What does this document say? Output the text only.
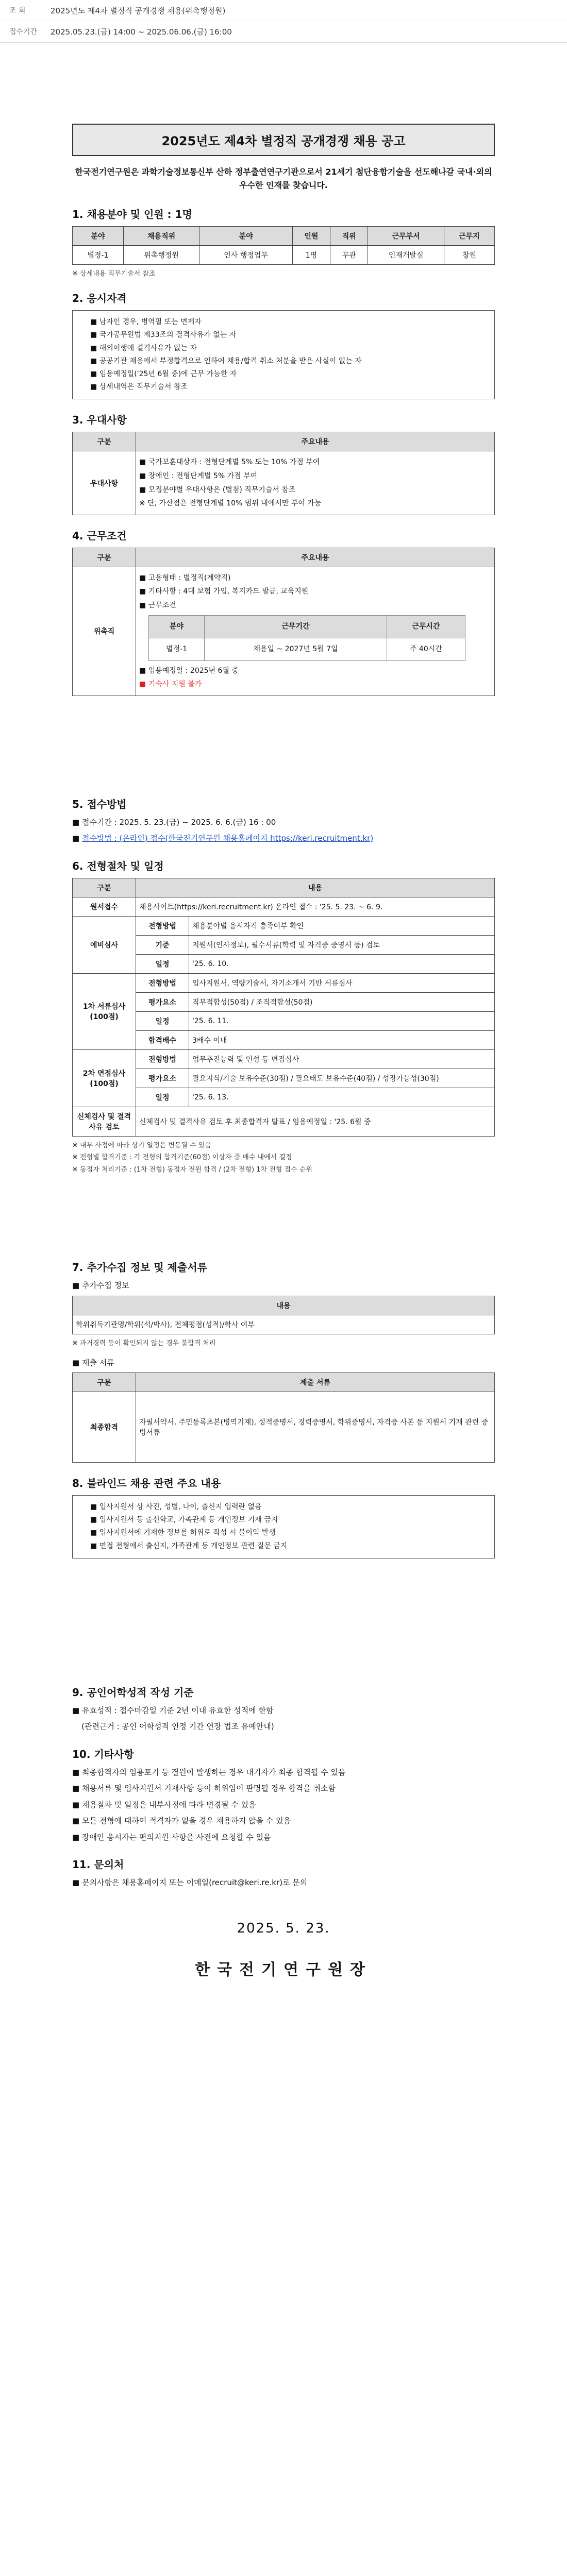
조 회	2025년도 제4차 별정직 공개경쟁 채용(위촉행정원)
접수기간	2025.05.23.(금) 14:00 ~ 2025.06.06.(금) 16:00
2025년도 제4차 별정직 공개경쟁 채용 공고
한국전기연구원은 과학기술정보통신부 산하 정부출연연구기관으로서 21세기 첨단융합기술을 선도해나갈 국내·외의 우수한 인재를 찾습니다.
1. 채용분야 및 인원 : 1명
분야	채용직위	분야	인원	직위	근무부서	근무지
별정-1	위촉행정원	인사 행정업무	1명	무관	인재개발실	창원
※ 상세내용 직무기술서 참조
2. 응시자격
■ 남자인 경우, 병역필 또는 면제자
■ 국가공무원법 제33조의 결격사유가 없는 자
■ 해외여행에 결격사유가 없는 자
■ 공공기관 채용에서 부정합격으로 인하여 채용/합격 취소 처분을 받은 사실이 없는 자
■ 임용예정일('25년 6월 중)에 근무 가능한 자
■ 상세내역은 직무기술서 참조
3. 우대사항
구분	주요내용
우대사항	■ 국가보훈대상자 : 전형단계별 5% 또는 10% 가점 부여
■ 장애인 : 전형단계별 5% 가점 부여
■ 모집분야별 우대사항은 (별첨) 직무기술서 참조
※ 단, 가산점은 전형단계별 10% 범위 내에서만 부여 가능
4. 근무조건
구분	주요내용
위촉직	
■ 고용형태 : 별정직(계약직)
■ 기타사항 : 4대 보험 가입, 복지카드 발급, 교육지원
■ 근무조건
분야	근무기간	근무시간
별정-1	채용일 ~ 2027년 5월 7일	주 40시간
■ 임용예정일 : 2025년 6월 중
■ 기숙사 지원 불가
5. 접수방법

■ 접수기간 : 2025. 5. 23.(금) ~ 2025. 6. 6.(금) 16 : 00

■ 접수방법 : (온라인) 접수(한국전기연구원 채용홈페이지 https://keri.recruitment.kr)

6. 전형절차 및 일정
구분	내용	
원서접수	채용사이트(https://keri.recruitment.kr) 온라인 접수 : '25. 5. 23. ~ 6. 9.	
예비심사	전형방법	채용분야별 응시자격 충족여부 확인
	기준	지원서(인사정보), 필수서류(학력 및 자격증 증명서 등) 검토
	일정	'25. 6. 10.
1차 서류심사 (100점)	전형방법	입사지원서, 역량기술서, 자기소개서 기반 서류심사
	평가요소	직무적합성(50점) / 조직적합성(50점)
	일정	'25. 6. 11.
	합격배수	3배수 이내
2차 면접심사 (100점)	전형방법	업무추진능력 및 인성 등 면접심사
	평가요소	필요지식/기술 보유수준(30점) / 필요태도 보유수준(40점) / 성장가능성(30점)
	일정	'25. 6. 13.
신체검사 및 결격사유 검토	신체검사 및 결격사유 검토 후 최종합격자 발표 / 임용예정일 : '25. 6월 중	
※ 내부 사정에 따라 상기 일정은 변동될 수 있음
※ 전형별 합격기준 : 각 전형의 합격기준(60점) 이상자 중 배수 내에서 결정
※ 동점자 처리기준 : (1차 전형) 동점자 전원 합격 / (2차 전형) 1차 전형 점수 순위
7. 추가수집 정보 및 제출서류

■ 추가수집 정보

내용
학위취득기관명/학위(석/박사), 전체평점(성적)/학사 여부
※ 과거경력 등이 확인되지 않는 경우 불합격 처리

■ 제출 서류

구분	제출 서류
최종합격	자필서약서, 주민등록초본(병역기재), 성적증명서, 경력증명서, 학위증명서, 자격증 사본 등 지원서 기재 관련 증빙서류
8. 블라인드 채용 관련 주요 내용
■ 입사지원서 상 사진, 성별, 나이, 출신지 입력란 없음
■ 입사지원서 등 출신학교, 가족관계 등 개인정보 기재 금지
■ 입사지원서에 기재한 정보를 허위로 작성 시 불이익 발생
■ 면접 전형에서 출신지, 가족관계 등 개인정보 관련 질문 금지
9. 공인어학성적 작성 기준

■ 유효성적 : 접수마감일 기준 2년 이내 유효한 성적에 한함

(관련근거 : 공인 어학성적 인정 기간 연장 법조 유예안내)

10. 기타사항

■ 최종합격자의 임용포기 등 결원이 발생하는 경우 대기자가 최종 합격될 수 있음

■ 채용서류 및 입사지원서 기재사항 등이 허위임이 판명될 경우 합격을 취소함

■ 채용절차 및 일정은 내부사정에 따라 변경될 수 있음

■ 모든 전형에 대하여 적격자가 없을 경우 채용하지 않을 수 있음

■ 장애인 응시자는 편의지원 사항을 사전에 요청할 수 있음

11. 문의처

■ 문의사항은 채용홈페이지 또는 이메일(recruit@keri.re.kr)로 문의

2025. 5. 23.
한국전기연구원장
